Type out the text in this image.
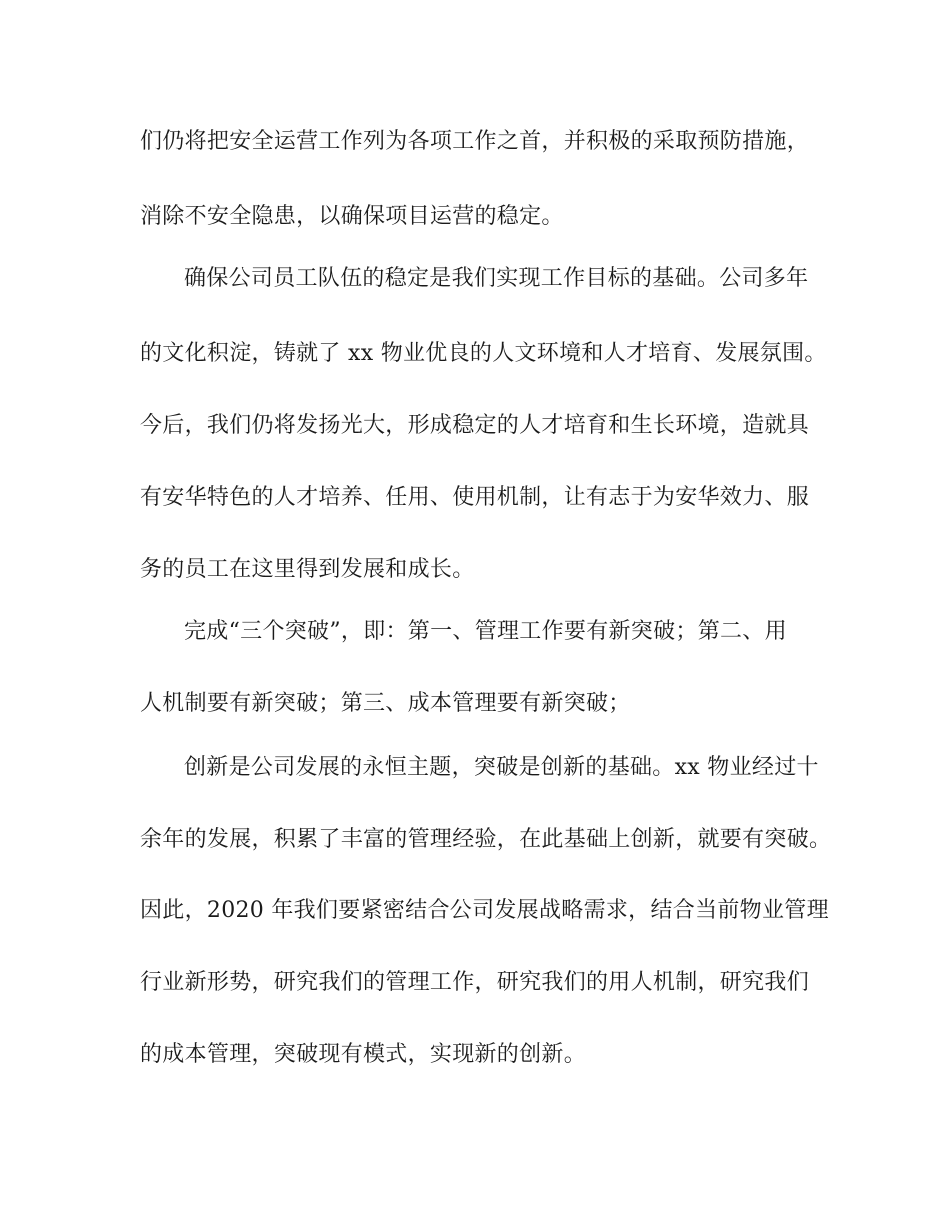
们仍将把安全运营工作列为各项工作之首，并积极的采取预防措施，
消除不安全隐患，以确保项目运营的稳定。
确保公司员工队伍的稳定是我们实现工作目标的基础。公司多年
的文化积淀，铸就了 xx 物业优良的人文环境和人才培育、发展氛围。
今后，我们仍将发扬光大，形成稳定的人才培育和生长环境，造就具
有安华特色的人才培养、任用、使用机制，让有志于为安华效力、服
务的员工在这里得到发展和成长。
完成“三个突破”，即：第一、管理工作要有新突破；第二、用
人机制要有新突破；第三、成本管理要有新突破；
创新是公司发展的永恒主题，突破是创新的基础。xx 物业经过十
余年的发展，积累了丰富的管理经验，在此基础上创新，就要有突破。
因此，2020 年我们要紧密结合公司发展战略需求，结合当前物业管理
行业新形势，研究我们的管理工作，研究我们的用人机制，研究我们
的成本管理，突破现有模式，实现新的创新。
